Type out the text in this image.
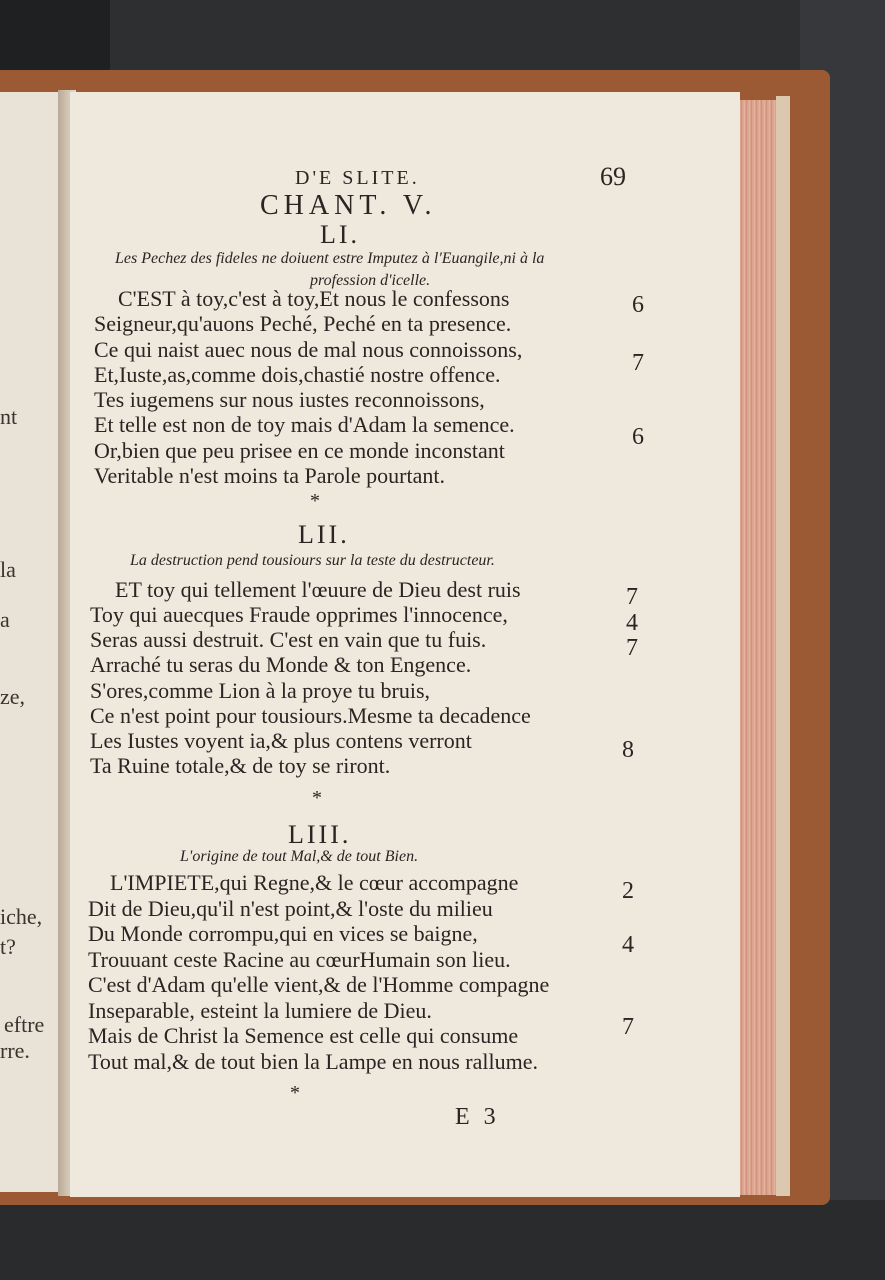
nt
la
a
ze,
iche,
t?
eftre
rre.
D'E SLITE.	69
CHANT. V.
LI.
Les Pechez des fideles ne doiuent estre Imputez à l'Euangile,ni à la
profession d'icelle.
C'EST à toy,c'est à toy,Et nous le confessons
Seigneur,qu'auons Peché, Peché en ta presence.
Ce qui naist auec nous de mal nous connoissons,
Et,Iuste,as,comme dois,chastié nostre offence.
Tes iugemens sur nous iustes reconnoissons,
Et telle est non de toy mais d'Adam la semence.
Or,bien que peu prisee en ce monde inconstant
Veritable n'est moins ta Parole pourtant.
6
7
6
*
LII.
La destruction pend tousiours sur la teste du destructeur.
ET toy qui tellement l'œuure de Dieu dest ruis
Toy qui auecques Fraude opprimes l'innocence,
Seras aussi destruit. C'est en vain que tu fuis.
Arraché tu seras du Monde & ton Engence.
S'ores,comme Lion à la proye tu bruis,
Ce n'est point pour tousiours.Mesme ta decadence
Les Iustes voyent ia,& plus contens verront
Ta Ruine totale,& de toy se riront.
7
4
7
8
*
LIII.
L'origine de tout Mal,& de tout Bien.
L'IMPIETE,qui Regne,& le cœur accompagne
Dit de Dieu,qu'il n'est point,& l'oste du milieu
Du Monde corrompu,qui en vices se baigne,
Trouuant ceste Racine au cœurHumain son lieu.
C'est d'Adam qu'elle vient,& de l'Homme compagne
Inseparable, esteint la lumiere de Dieu.
Mais de Christ la Semence est celle qui consume
Tout mal,& de tout bien la Lampe en nous rallume.
2
4
7
*
E 3
